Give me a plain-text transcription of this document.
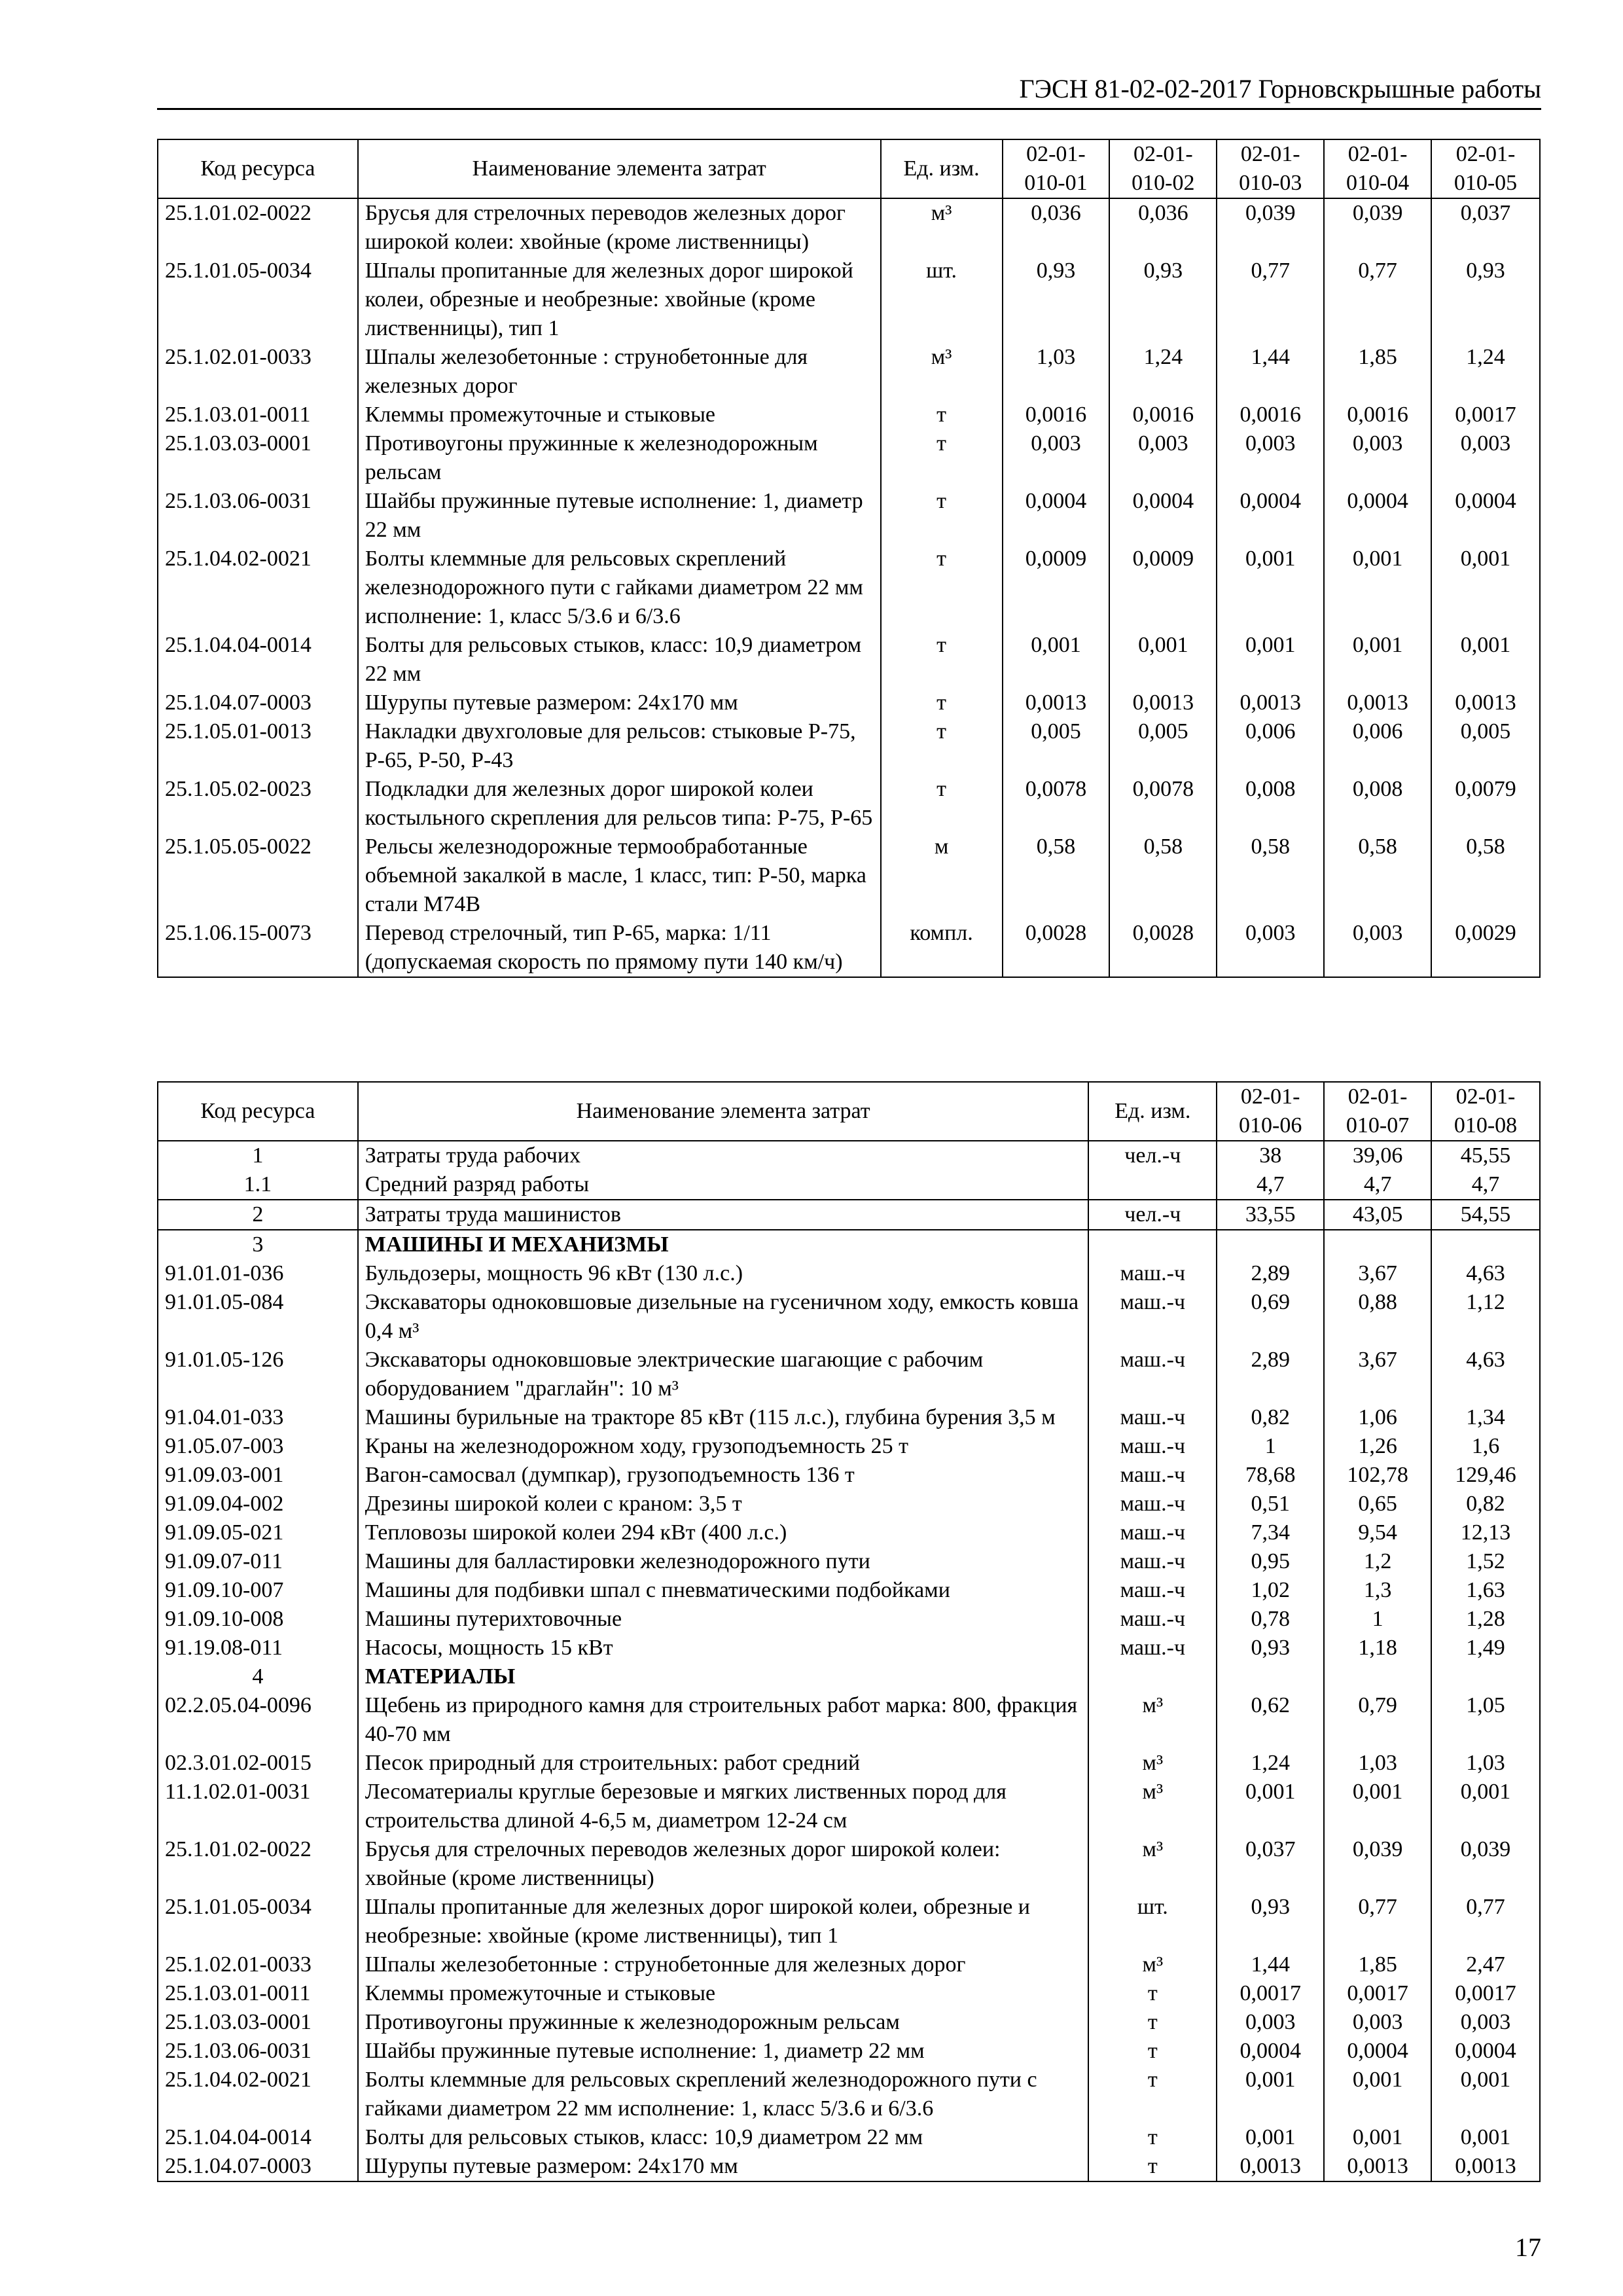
ГЭСН 81-02-02-2017 Горновскрышные работы
Код ресурса	Наименование элемента затрат	Ед. изм.	02-01-010-01	02-01-010-02	02-01-010-03	02-01-010-04	02-01-010-05
25.1.01.02-0022	Брусья для стрелочных переводов железных дорог широкой колеи: хвойные (кроме лиственницы)	м³	0,036	0,036	0,039	0,039	0,037
25.1.01.05-0034	Шпалы пропитанные для железных дорог широкой колеи, обрезные и необрезные: хвойные (кроме лиственницы), тип 1	шт.	0,93	0,93	0,77	0,77	0,93
25.1.02.01-0033	Шпалы железобетонные : струнобетонные для железных дорог	м³	1,03	1,24	1,44	1,85	1,24
25.1.03.01-0011	Клеммы промежуточные и стыковые	т	0,0016	0,0016	0,0016	0,0016	0,0017
25.1.03.03-0001	Противоугоны пружинные к железнодорожным рельсам	т	0,003	0,003	0,003	0,003	0,003
25.1.03.06-0031	Шайбы пружинные путевые исполнение: 1, диаметр 22 мм	т	0,0004	0,0004	0,0004	0,0004	0,0004
25.1.04.02-0021	Болты клеммные для рельсовых скреплений железнодорожного пути с гайками диаметром 22 мм исполнение: 1, класс 5/3.6 и 6/3.6	т	0,0009	0,0009	0,001	0,001	0,001
25.1.04.04-0014	Болты для рельсовых стыков, класс: 10,9 диаметром 22 мм	т	0,001	0,001	0,001	0,001	0,001
25.1.04.07-0003	Шурупы путевые размером: 24х170 мм	т	0,0013	0,0013	0,0013	0,0013	0,0013
25.1.05.01-0013	Накладки двухголовые для рельсов: стыковые Р-75, Р-65, Р-50, Р-43	т	0,005	0,005	0,006	0,006	0,005
25.1.05.02-0023	Подкладки для железных дорог широкой колеи костыльного скрепления для рельсов типа: Р-75, Р-65	т	0,0078	0,0078	0,008	0,008	0,0079
25.1.05.05-0022	Рельсы железнодорожные термообработанные объемной закалкой в масле, 1 класс, тип: Р-50, марка стали М74В	м	0,58	0,58	0,58	0,58	0,58
25.1.06.15-0073	Перевод стрелочный, тип Р-65, марка: 1/11 (допускаемая скорость по прямому пути 140 км/ч)	компл.	0,0028	0,0028	0,003	0,003	0,0029
Код ресурса	Наименование элемента затрат	Ед. изм.	02-01-010-06	02-01-010-07	02-01-010-08
1	Затраты труда рабочих	чел.-ч	38	39,06	45,55
1.1	Средний разряд работы		4,7	4,7	4,7
2	Затраты труда машинистов	чел.-ч	33,55	43,05	54,55
3	МАШИНЫ И МЕХАНИЗМЫ				
91.01.01-036	Бульдозеры, мощность 96 кВт (130 л.с.)	маш.-ч	2,89	3,67	4,63
91.01.05-084	Экскаваторы одноковшовые дизельные на гусеничном ходу, емкость ковша 0,4 м³	маш.-ч	0,69	0,88	1,12
91.01.05-126	Экскаваторы одноковшовые электрические шагающие с рабочим оборудованием "драглайн": 10 м³	маш.-ч	2,89	3,67	4,63
91.04.01-033	Машины бурильные на тракторе 85 кВт (115 л.с.), глубина бурения 3,5 м	маш.-ч	0,82	1,06	1,34
91.05.07-003	Краны на железнодорожном ходу, грузоподъемность 25 т	маш.-ч	1	1,26	1,6
91.09.03-001	Вагон-самосвал (думпкар), грузоподъемность 136 т	маш.-ч	78,68	102,78	129,46
91.09.04-002	Дрезины широкой колеи с краном: 3,5 т	маш.-ч	0,51	0,65	0,82
91.09.05-021	Тепловозы широкой колеи 294 кВт (400 л.с.)	маш.-ч	7,34	9,54	12,13
91.09.07-011	Машины для балластировки железнодорожного пути	маш.-ч	0,95	1,2	1,52
91.09.10-007	Машины для подбивки шпал с пневматическими подбойками	маш.-ч	1,02	1,3	1,63
91.09.10-008	Машины путерихтовочные	маш.-ч	0,78	1	1,28
91.19.08-011	Насосы, мощность 15 кВт	маш.-ч	0,93	1,18	1,49
4	МАТЕРИАЛЫ				
02.2.05.04-0096	Щебень из природного камня для строительных работ марка: 800, фракция 40-70 мм	м³	0,62	0,79	1,05
02.3.01.02-0015	Песок природный для строительных: работ средний	м³	1,24	1,03	1,03
11.1.02.01-0031	Лесоматериалы круглые березовые и мягких лиственных пород для строительства длиной 4-6,5 м, диаметром 12-24 см	м³	0,001	0,001	0,001
25.1.01.02-0022	Брусья для стрелочных переводов железных дорог широкой колеи: хвойные (кроме лиственницы)	м³	0,037	0,039	0,039
25.1.01.05-0034	Шпалы пропитанные для железных дорог широкой колеи, обрезные и необрезные: хвойные (кроме лиственницы), тип 1	шт.	0,93	0,77	0,77
25.1.02.01-0033	Шпалы железобетонные : струнобетонные для железных дорог	м³	1,44	1,85	2,47
25.1.03.01-0011	Клеммы промежуточные и стыковые	т	0,0017	0,0017	0,0017
25.1.03.03-0001	Противоугоны пружинные к железнодорожным рельсам	т	0,003	0,003	0,003
25.1.03.06-0031	Шайбы пружинные путевые исполнение: 1, диаметр 22 мм	т	0,0004	0,0004	0,0004
25.1.04.02-0021	Болты клеммные для рельсовых скреплений железнодорожного пути с гайками диаметром 22 мм исполнение: 1, класс 5/3.6 и 6/3.6	т	0,001	0,001	0,001
25.1.04.04-0014	Болты для рельсовых стыков, класс: 10,9 диаметром 22 мм	т	0,001	0,001	0,001
25.1.04.07-0003	Шурупы путевые размером: 24х170 мм	т	0,0013	0,0013	0,0013
17
